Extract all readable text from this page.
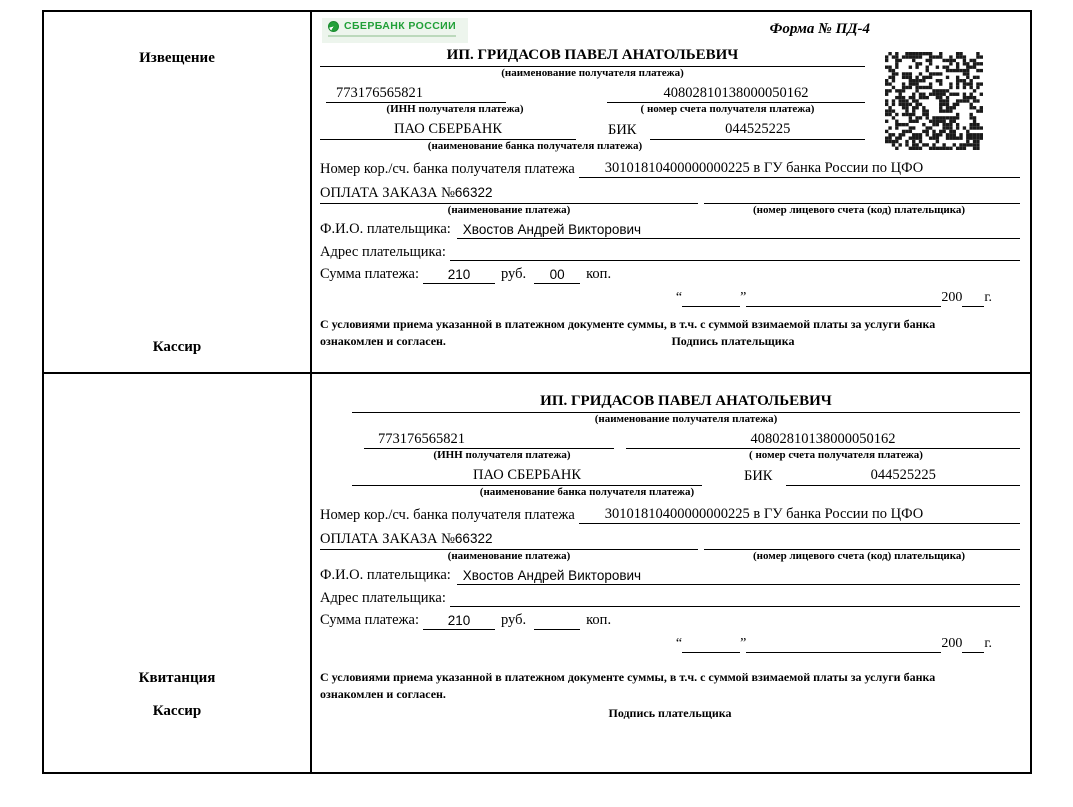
Извещение
Кассир
СБЕРБАНК РОССИИ	Форма № ПД-4
ИП. ГРИДАСОВ ПАВЕЛ АНАТОЛЬЕВИЧ
(наименование получателя платежа)
773176565821	40802810138000050162
(ИНН получателя платежа)	( номер счета получателя платежа)
ПАО СБЕРБАНК	БИК	044525225
(наименование банка получателя платежа)
Номер кор./сч. банка получателя платежа	30101810400000000225 в ГУ банка России по ЦФО
ОПЛАТА ЗАКАЗА №66322
(наименование платежа)	(номер лицевого счета (код) плательщика)
Ф.И.О. плательщика: Хвостов Андрей Викторович
Адрес плательщика:
Сумма платежа:	210	руб.	00	коп.
“	”	200 г.
С условиями приема указанной в платежном документе суммы, в т.ч. с суммой взимаемой платы за услуги банка
ознакомлен и согласен.	Подпись плательщика
Квитанция
Кассир
ИП. ГРИДАСОВ ПАВЕЛ АНАТОЛЬЕВИЧ
(наименование получателя платежа)
773176565821	40802810138000050162
(ИНН получателя платежа)	( номер счета получателя платежа)
ПАО СБЕРБАНК	БИК	044525225
(наименование банка получателя платежа)
Номер кор./сч. банка получателя платежа	30101810400000000225 в ГУ банка России по ЦФО
ОПЛАТА ЗАКАЗА №66322
(наименование платежа)	(номер лицевого счета (код) плательщика)
Ф.И.О. плательщика: Хвостов Андрей Викторович
Адрес плательщика:
Сумма платежа:	210	руб.	коп.
“	”	200 г.
С условиями приема указанной в платежном документе суммы, в т.ч. с суммой взимаемой платы за услуги банка
ознакомлен и согласен.
Подпись плательщика
